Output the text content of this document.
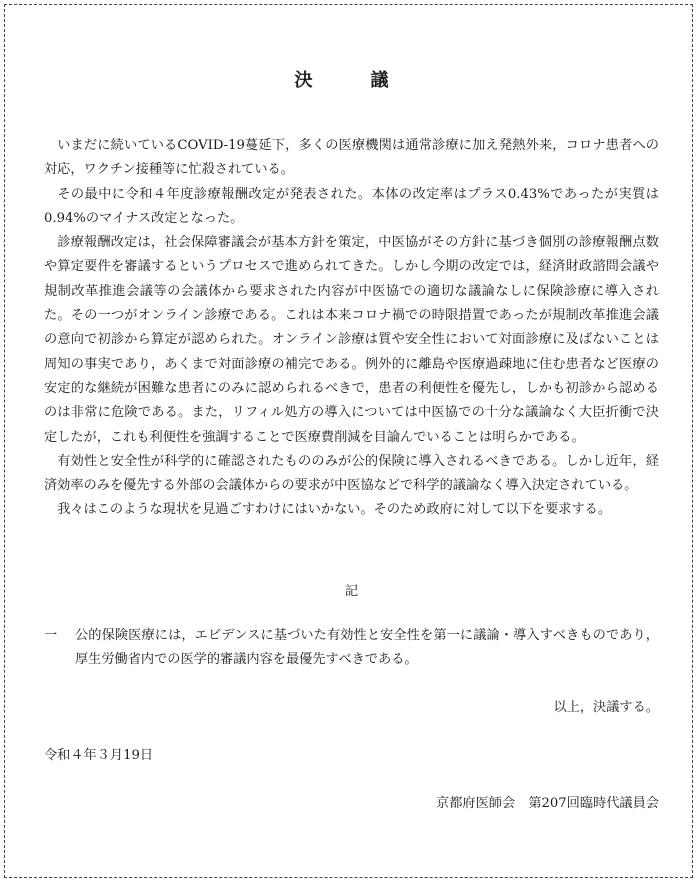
決　議

いまだに続いているCOVID-19蔓延下，多くの医療機関は通常診療に加え発熱外来，コロナ患者への対応，ワクチン接種等に忙殺されている。

その最中に令和４年度診療報酬改定が発表された。本体の改定率はプラス0.43%であったが実質は0.94%のマイナス改定となった。

診療報酬改定は，社会保障審議会が基本方針を策定，中医協がその方針に基づき個別の診療報酬点数や算定要件を審議するというプロセスで進められてきた。しかし今期の改定では，経済財政諮問会議や規制改革推進会議等の会議体から要求された内容が中医協での適切な議論なしに保険診療に導入された。その一つがオンライン診療である。これは本来コロナ禍での時限措置であったが規制改革推進会議の意向で初診から算定が認められた。オンライン診療は質や安全性において対面診療に及ばないことは周知の事実であり，あくまで対面診療の補完である。例外的に離島や医療過疎地に住む患者など医療の安定的な継続が困難な患者にのみに認められるべきで，患者の利便性を優先し，しかも初診から認めるのは非常に危険である。また，リフィル処方の導入については中医協での十分な議論なく大臣折衝で決定したが，これも利便性を強調することで医療費削減を目論んでいることは明らかである。

有効性と安全性が科学的に確認されたもののみが公的保険に導入されるべきである。しかし近年，経済効率のみを優先する外部の会議体からの要求が中医協などで科学的議論なく導入決定されている。

我々はこのような現状を見過ごすわけにはいかない。そのため政府に対して以下を要求する。

記

一 公的保険医療には，エビデンスに基づいた有効性と安全性を第一に議論・導入すべきものであり，厚生労働省内での医学的審議内容を最優先すべきである。

以上，決議する。

令和４年３月19日

京都府医師会　第207回臨時代議員会
